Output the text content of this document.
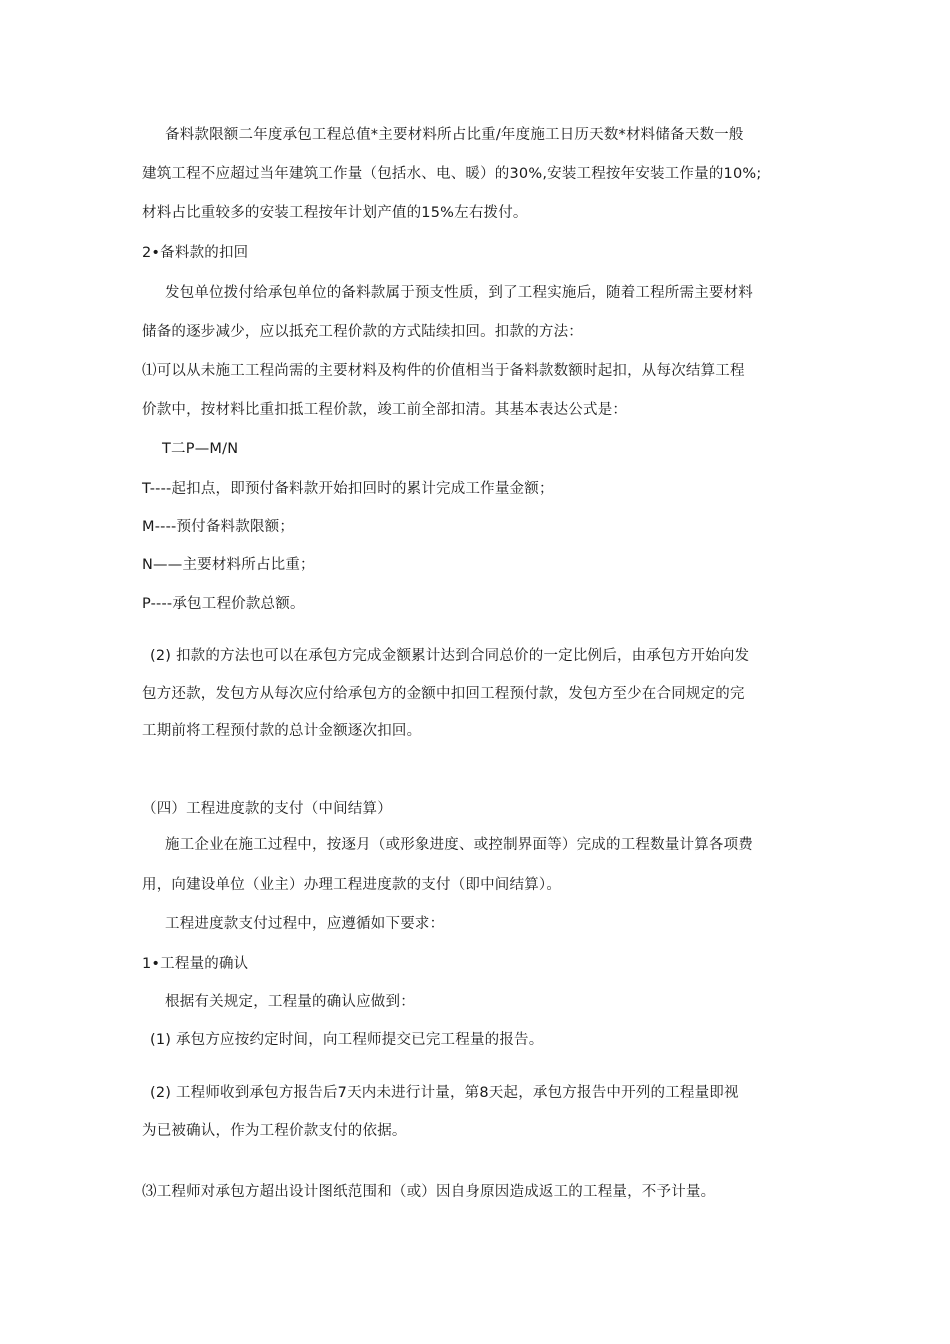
备料款限额二年度承包工程总值*主要材料所占比重/年度施工日历天数*材料储备天数一般
建筑工程不应超过当年建筑工作量（包括水、电、暖）的30%,安装工程按年安装工作量的10%;
材料占比重较多的安装工程按年计划产值的15%左右拨付。
2•备料款的扣回
发包单位拨付给承包单位的备料款属于预支性质，到了工程实施后，随着工程所需主要材料
储备的逐步减少，应以抵充工程价款的方式陆续扣回。扣款的方法：
⑴可以从未施工工程尚需的主要材料及构件的价值相当于备料款数额时起扣，从每次结算工程
价款中，按材料比重扣抵工程价款，竣工前全部扣清。其基本表达公式是：
T二P—M/N
T----起扣点，即预付备料款开始扣回时的累计完成工作量金额；
M----预付备料款限额；
N——主要材料所占比重；
P----承包工程价款总额。
(2) 扣款的方法也可以在承包方完成金额累计达到合同总价的一定比例后，由承包方开始向发
包方还款，发包方从每次应付给承包方的金额中扣回工程预付款，发包方至少在合同规定的完
工期前将工程预付款的总计金额逐次扣回。
（四）工程进度款的支付（中间结算）
施工企业在施工过程中，按逐月（或形象进度、或控制界面等）完成的工程数量计算各项费
用，向建设单位（业主）办理工程进度款的支付（即中间结算）。
工程进度款支付过程中，应遵循如下要求：
1•工程量的确认
根据有关规定，工程量的确认应做到：
(1) 承包方应按约定时间，向工程师提交已完工程量的报告。
(2) 工程师收到承包方报告后7天内未进行计量，第8天起，承包方报告中开列的工程量即视
为已被确认，作为工程价款支付的依据。
⑶工程师对承包方超出设计图纸范围和（或）因自身原因造成返工的工程量，不予计量。
